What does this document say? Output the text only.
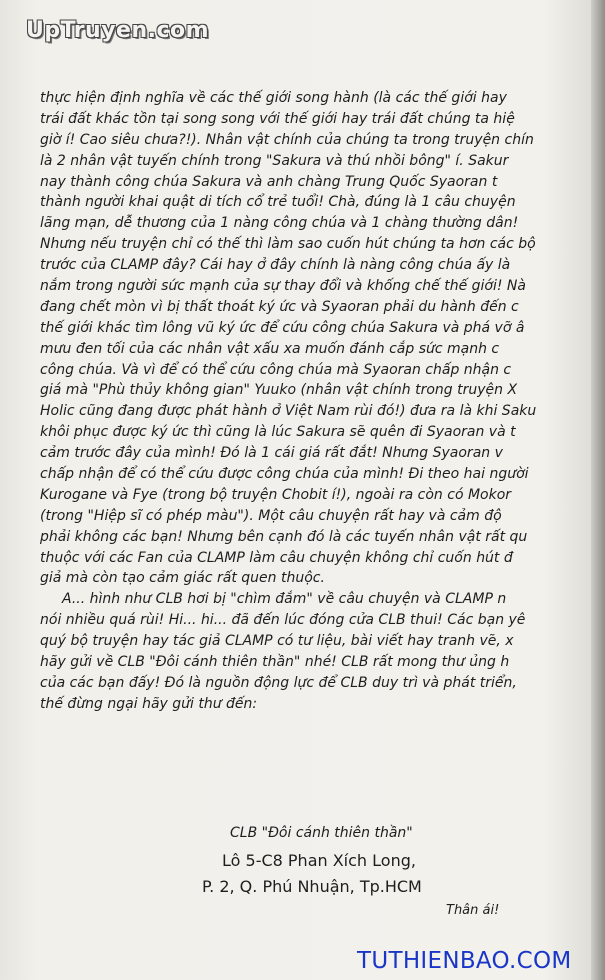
UpTruyen.com
thực hiện định nghĩa về các thế giới song hành (là các thế giới hay
trái đất khác tồn tại song song với thế giới hay trái đất chúng ta hiệ
giờ í! Cao siêu chưa?!). Nhân vật chính của chúng ta trong truyện chín
là 2 nhân vật tuyến chính trong "Sakura và thú nhồi bông" í. Sakur
nay thành công chúa Sakura và anh chàng Trung Quốc Syaoran t
thành người khai quật di tích cổ trẻ tuổi! Chà, đúng là 1 câu chuyện
lãng mạn, dễ thương của 1 nàng công chúa và 1 chàng thường dân!
Nhưng nếu truyện chỉ có thế thì làm sao cuốn hút chúng ta hơn các bộ
trước của CLAMP đây? Cái hay ở đây chính là nàng công chúa ấy là
nắm trong người sức mạnh của sự thay đổi và khống chế thế giới! Nà
đang chết mòn vì bị thất thoát ký ức và Syaoran phải du hành đến c
thế giới khác tìm lông vũ ký ức để cứu công chúa Sakura và phá vỡ â
mưu đen tối của các nhân vật xấu xa muốn đánh cắp sức mạnh c
công chúa. Và vì để có thể cứu công chúa mà Syaoran chấp nhận c
giá mà "Phù thủy không gian" Yuuko (nhân vật chính trong truyện X
Holic cũng đang được phát hành ở Việt Nam rùi đó!) đưa ra là khi Saku
khôi phục được ký ức thì cũng là lúc Sakura sẽ quên đi Syaoran và t
cảm trước đây của mình! Đó là 1 cái giá rất đắt! Nhưng Syaoran v
chấp nhận để có thể cứu được công chúa của mình! Đi theo hai người
Kurogane và Fye (trong bộ truyện Chobit í!), ngoài ra còn có Mokor
(trong "Hiệp sĩ có phép màu"). Một câu chuyện rất hay và cảm độ
phải không các bạn! Nhưng bên cạnh đó là các tuyến nhân vật rất qu
thuộc với các Fan của CLAMP làm câu chuyện không chỉ cuốn hút đ
giả mà còn tạo cảm giác rất quen thuộc.
A... hình như CLB hơi bị "chìm đắm" về câu chuyện và CLAMP n
nói nhiều quá rùi! Hi... hi... đã đến lúc đóng cửa CLB thui! Các bạn yê
quý bộ truyện hay tác giả CLAMP có tư liệu, bài viết hay tranh vẽ, x
hãy gửi về CLB "Đôi cánh thiên thần" nhé! CLB rất mong thư ủng h
của các bạn đấy! Đó là nguồn động lực để CLB duy trì và phát triển,
thế đừng ngại hãy gửi thư đến:
CLB "Đôi cánh thiên thần"
Lô 5-C8 Phan Xích Long,
P. 2, Q. Phú Nhuận, Tp.HCM
Thân ái!
TUTHIENBAO.COM
